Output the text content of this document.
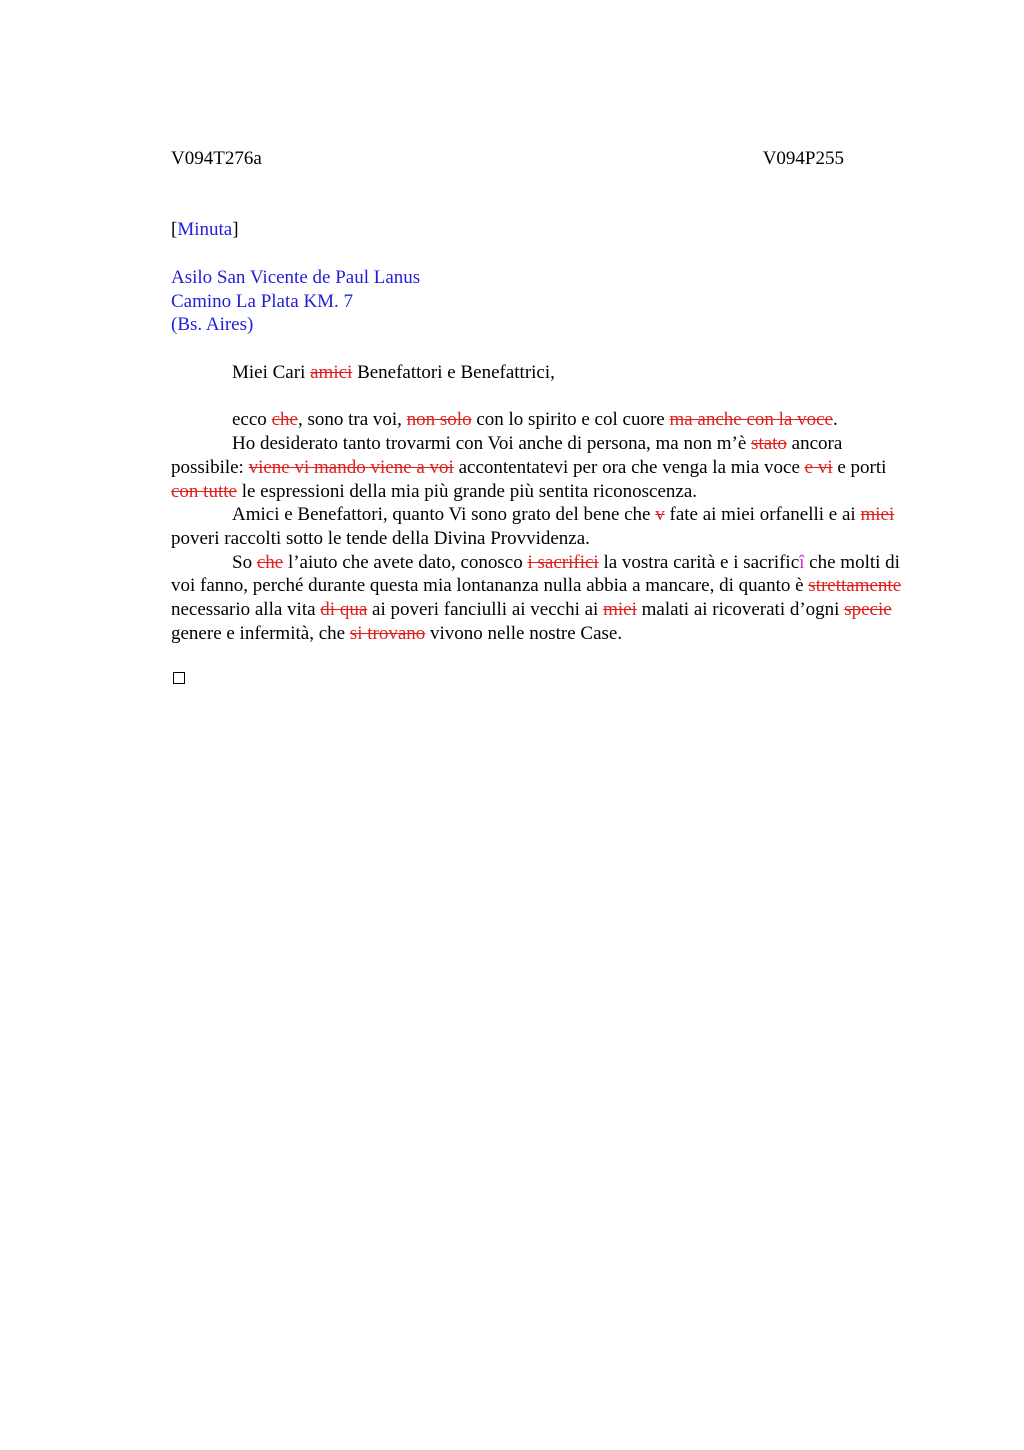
V094T276a	V094P255
[Minuta]
Asilo San Vicente de Paul Lanus
Camino La Plata KM. 7
(Bs. Aires)

Miei Cari amici Benefattori e Benefattrici,

ecco che, sono tra voi, non solo con lo spirito e col cuore ma anche con la voce.

Ho desiderato tanto trovarmi con Voi anche di persona, ma non m’è stato ancora possibile: viene vi mando viene a voi accontentatevi per ora che venga la mia voce e vi e porti con tutte le espressioni della mia più grande più sentita riconoscenza.

Amici e Benefattori, quanto Vi sono grato del bene che v fate ai miei orfanelli e ai miei poveri raccolti sotto le tende della Divina Provvidenza.

So che l’aiuto che avete dato, conosco i sacrifici la vostra carità e i sacrificî che molti di voi fanno, perché durante questa mia lontananza nulla abbia a mancare, di quanto è strettamente necessario alla vita di qua ai poveri fanciulli ai vecchi ai miei malati ai ricoverati d’ogni specie genere e infermità, che si trovano vivono nelle nostre Case.
